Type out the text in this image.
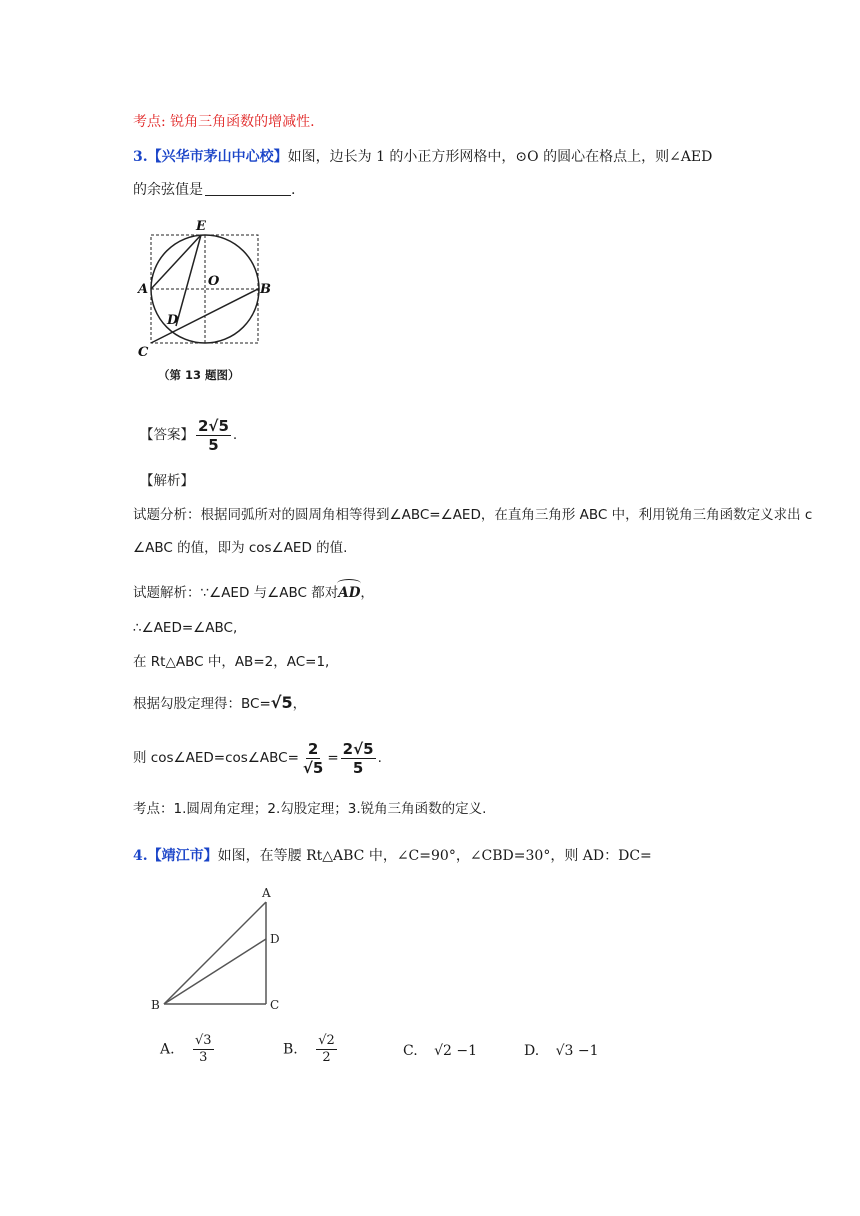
考点: 锐角三角函数的增减性.
3.【兴华市茅山中心校】如图，边长为 1 的小正方形网格中，⊙O 的圆心在格点上，则∠AED
的余弦值是	.
E
A
O
B
D
C
（第 13 题图）
【答案】 $\frac{2√5}{5}$ .
【解析】
试题分析：根据同弧所对的圆周角相等得到∠ABC=∠AED，在直角三角形 ABC 中，利用锐角三角函数定义求出 c
∠ABC 的值，即为 cos∠AED 的值.
试题解析：∵∠AED 与∠ABC 都对AD，
∴∠AED=∠ABC,
在 Rt△ABC 中，AB=2，AC=1,
根据勾股定理得：BC=√5，
则 cos∠AED=cos∠ABC= $\frac{2}{√5} = \frac{2√5}{5}$ .
考点：1.圆周角定理；2.勾股定理；3.锐角三角函数的定义.
4.【靖江市】如图，在等腰 Rt△ABC 中，∠C=90°，∠CBD=30°，则 AD：DC=
A
D
B	C
A. $\frac{√3}{3}$	B. $\frac{√2}{2}$	C. √2 −1	D. √3 −1
